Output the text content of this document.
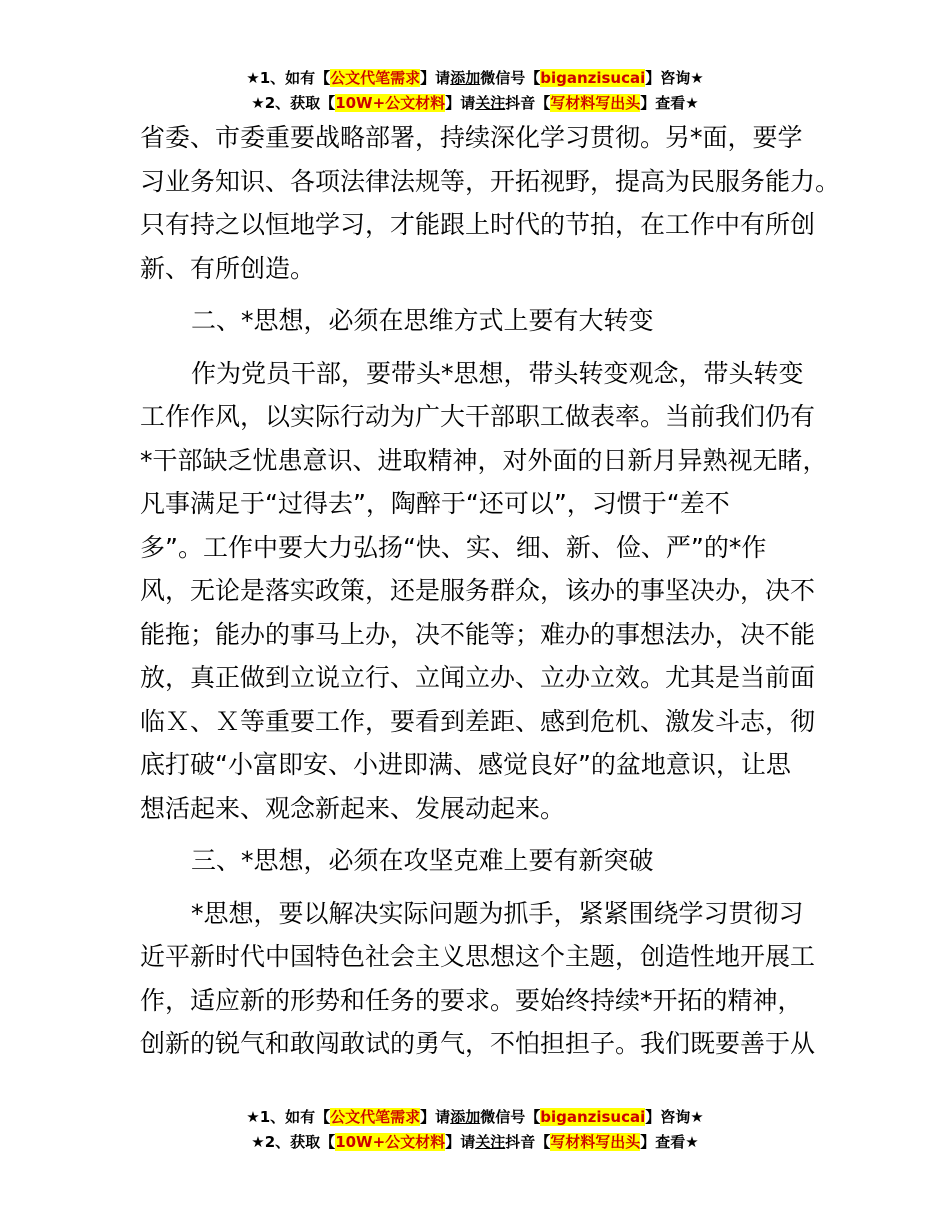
★1、如有【公文代笔需求】请添加微信号【biganzisucai】咨询★
★2、获取【10W+公文材料】请关注抖音【写材料写出头】查看★

省委、市委重要战略部署，持续深化学习贯彻。另*面，要学
习业务知识、各项法律法规等，开拓视野，提高为民服务能力。
只有持之以恒地学习，才能跟上时代的节拍，在工作中有所创
新、有所创造。

二、*思想，必须在思维方式上要有大转变

作为党员干部，要带头*思想，带头转变观念，带头转变
工作作风，以实际行动为广大干部职工做表率。当前我们仍有
*干部缺乏忧患意识、进取精神，对外面的日新月异熟视无睹，
凡事满足于“过得去”，陶醉于“还可以”，习惯于“差不
多”。工作中要大力弘扬“快、实、细、新、俭、严”的*作
风，无论是落实政策，还是服务群众，该办的事坚决办，决不
能拖；能办的事马上办，决不能等；难办的事想法办，决不能
放，真正做到立说立行、立闻立办、立办立效。尤其是当前面
临Ｘ、Ｘ等重要工作，要看到差距、感到危机、激发斗志，彻
底打破“小富即安、小进即满、感觉良好”的盆地意识，让思
想活起来、观念新起来、发展动起来。

三、*思想，必须在攻坚克难上要有新突破

*思想，要以解决实际问题为抓手，紧紧围绕学习贯彻习
近平新时代中国特色社会主义思想这个主题，创造性地开展工
作，适应新的形势和任务的要求。要始终持续*开拓的精神，
创新的锐气和敢闯敢试的勇气，不怕担担子。我们既要善于从

★1、如有【公文代笔需求】请添加微信号【biganzisucai】咨询★
★2、获取【10W+公文材料】请关注抖音【写材料写出头】查看★
